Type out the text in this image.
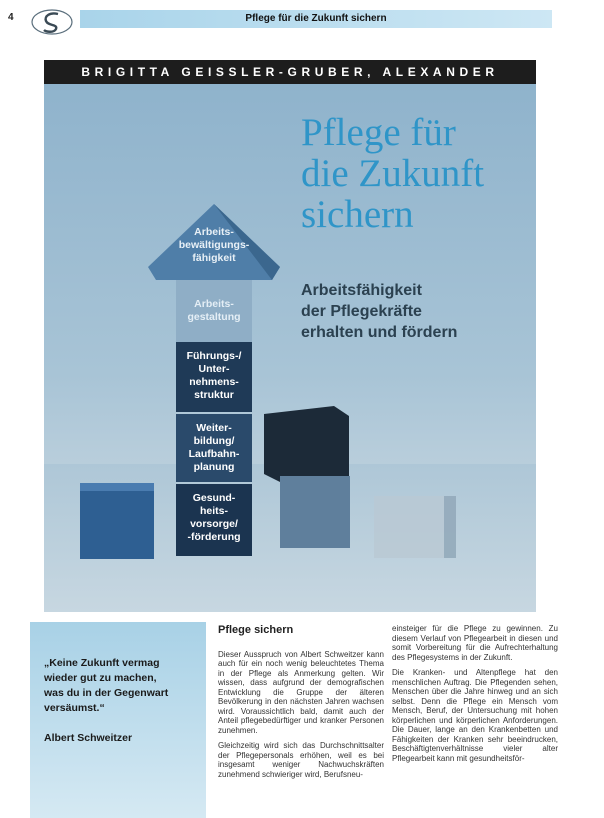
4	Pflege für die Zukunft sichern
BRIGITTA GEISSLER-GRUBER, ALEXANDER
Pflege für
die Zukunft
sichern
Arbeitsfähigkeit
der Pflegekräfte
erhalten und fördern
Arbeits-
bewältigungs-
fähigkeit
Arbeits-
gestaltung
Führungs-/
Unter-
nehmens-
struktur
Weiter-
bildung/
Laufbahn-
planung
Gesund-
heits-
vorsorge/
-förderung
„Keine Zukunft vermag
wieder gut zu machen,
was du in der Gegenwart
versäumst.“
Albert Schweitzer
Pflege sichern

Dieser Ausspruch von Albert Schweitzer kann auch für ein noch wenig beleuchtetes Thema in der Pflege als Anmerkung gelten. Wir wissen, dass aufgrund der demografischen Entwicklung die Gruppe der älteren Bevölkerung in den nächsten Jahren wachsen wird. Voraussichtlich bald, damit auch der Anteil pflegebedürftiger und kranker Personen zunehmen.

Gleichzeitig wird sich das Durchschnittsalter der Pflegepersonals erhöhen, weil es bei insgesamt weniger Nachwuchskräften zunehmend schwieriger wird, Berufsneu-

einsteiger für die Pflege zu gewinnen. Zu diesem Verlauf von Pflegearbeit in diesen und somit Vorbereitung für die Aufrechterhaltung des Pflegesystems in der Zukunft.

Die Kranken- und Altenpflege hat den menschlichen Auftrag. Die Pflegenden sehen, Menschen über die Jahre hinweg und an sich selbst. Denn die Pflege ein Mensch vom Mensch, Beruf, der Untersuchung mit hohen körperlichen und körperlichen Anforderungen. Die Dauer, lange an den Krankenbetten und Fähigkeiten der Kranken sehr beeindrucken, Beschäftigtenverhältnisse vieler alter Pflegearbeit kann mit gesundheitsför-
